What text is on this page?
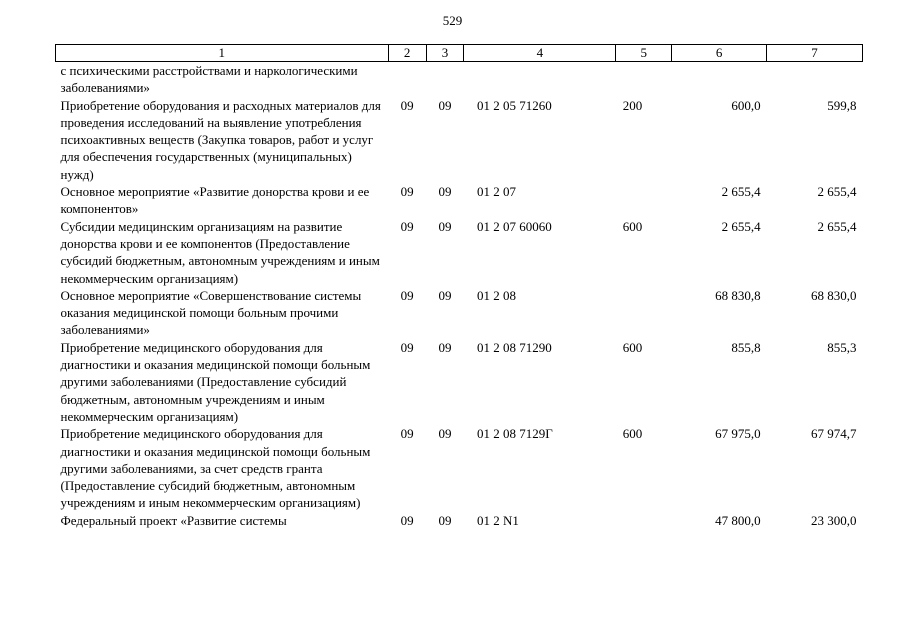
529
1	2	3	4	5	6	7
с психическими расстройствами и наркологическими заболеваниями»						
Приобретение оборудования и расходных материалов для проведения исследований на выявление употребления психоактивных веществ (Закупка товаров, работ и услуг для обеспечения государственных (муниципальных) нужд)	09	09	01 2 05 71260	200	600,0	599,8
Основное мероприятие «Развитие донорства крови и ее компонентов»	09	09	01 2 07		2 655,4	2 655,4
Субсидии медицинским организациям на развитие донорства крови и ее компонентов (Предоставление субсидий бюджетным, автономным учреждениям и иным некоммерческим организациям)	09	09	01 2 07 60060	600	2 655,4	2 655,4
Основное мероприятие «Совершенствование системы оказания медицинской помощи больным прочими заболеваниями»	09	09	01 2 08		68 830,8	68 830,0
Приобретение медицинского оборудования для диагностики и оказания медицинской помощи больным другими заболеваниями (Предоставление субсидий бюджетным, автономным учреждениям и иным некоммерческим организациям)	09	09	01 2 08 71290	600	855,8	855,3
Приобретение медицинского оборудования для диагностики и оказания медицинской помощи больным другими заболеваниями, за счет средств гранта (Предоставление субсидий бюджетным, автономным учреждениям и иным некоммерческим организациям)	09	09	01 2 08 7129Г	600	67 975,0	67 974,7
Федеральный проект «Развитие системы	09	09	01 2 N1		47 800,0	23 300,0
